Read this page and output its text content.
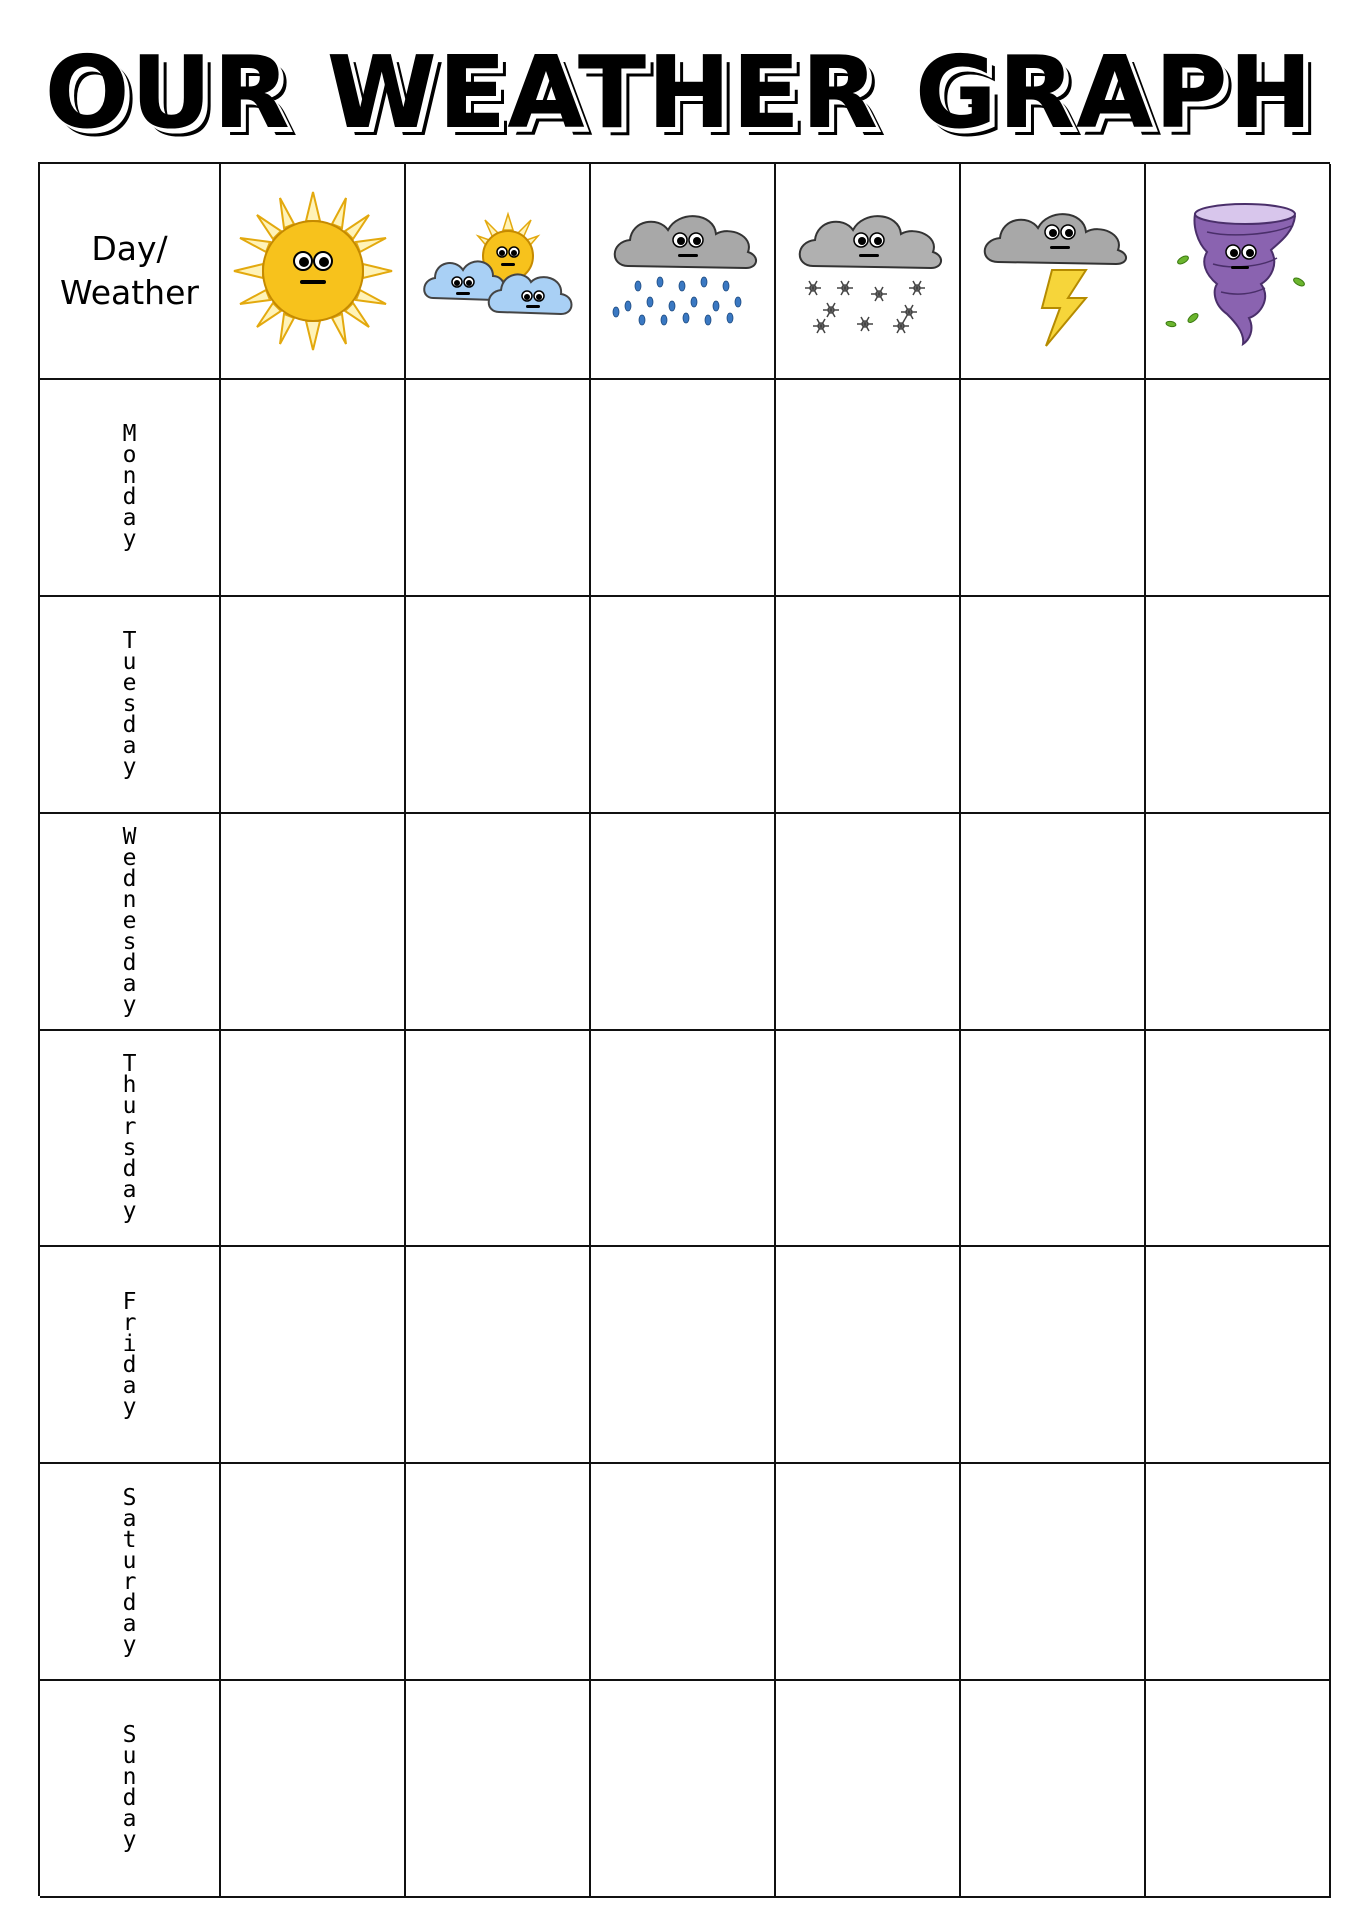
OUR WEATHER GRAPH
Day/
Weather
Monday
Tuesday
Wednesday
Thursday
Friday
Saturday
Sunday
